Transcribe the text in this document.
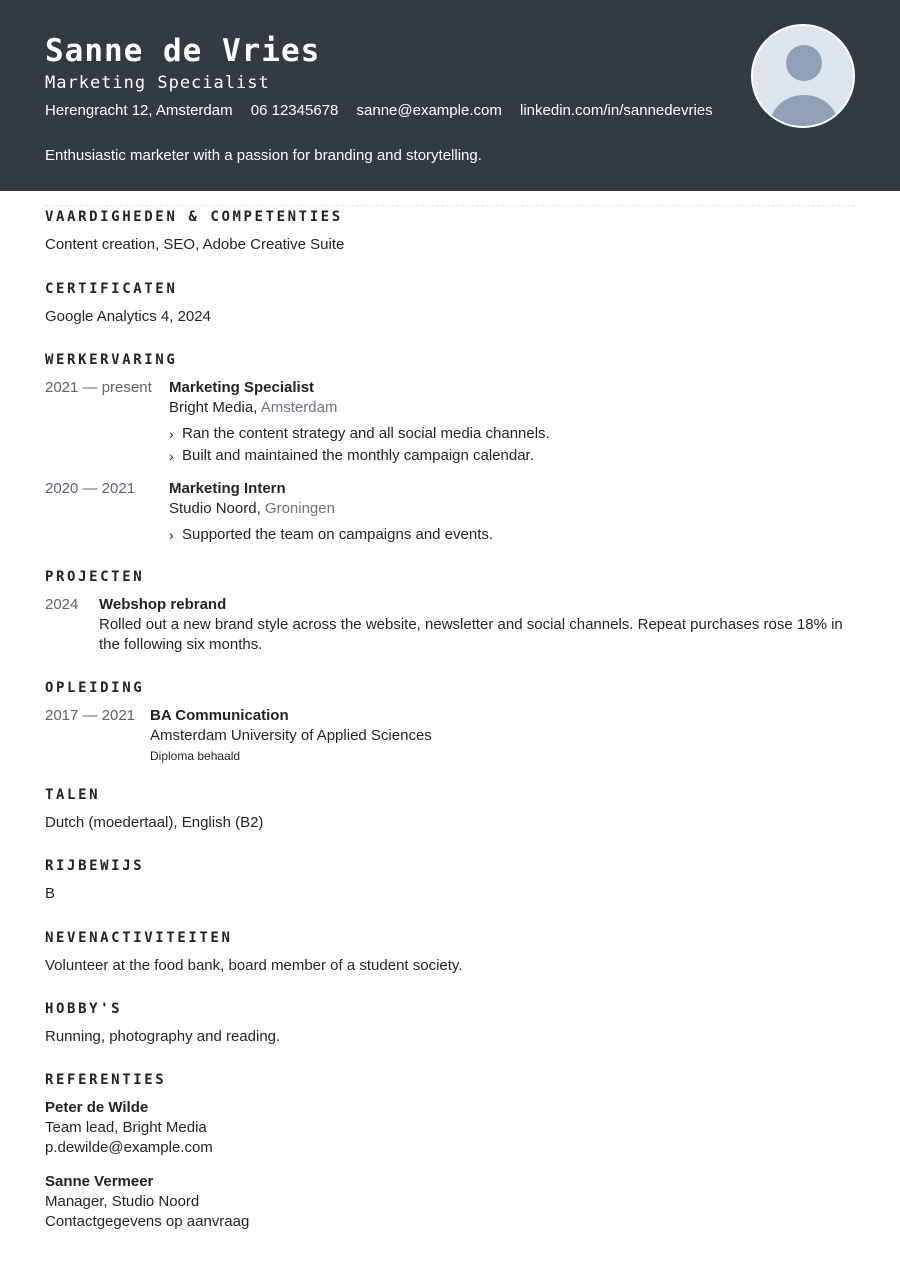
Sanne de Vries
Marketing Specialist
Herengracht 12, Amsterdam 06 12345678 sanne@example.com linkedin.com/in/sannedevries
Enthusiastic marketer with a passion for branding and storytelling.
VAARDIGHEDEN & COMPETENTIES

Content creation, SEO, Adobe Creative Suite

CERTIFICATEN

Google Analytics 4, 2024

WERKERVARING
2021 — present	Marketing Specialist
Bright Media, Amsterdam
› Ran the content strategy and all social media channels.
› Built and maintained the monthly campaign calendar.
2020 — 2021	Marketing Intern
Studio Noord, Groningen
› Supported the team on campaigns and events.
PROJECTEN
2024	Webshop rebrand
Rolled out a new brand style across the website, newsletter and social channels. Repeat purchases rose 18% in the following six months.
OPLEIDING
2017 — 2021 BA Communication
Amsterdam University of Applied Sciences
Diploma behaald
TALEN

Dutch (moedertaal), English (B2)

RIJBEWIJS

B

NEVENACTIVITEITEN

Volunteer at the food bank, board member of a student society.

HOBBY'S

Running, photography and reading.

REFERENTIES
Peter de Wilde
Team lead, Bright Media
p.dewilde@example.com
Sanne Vermeer
Manager, Studio Noord
Contactgegevens op aanvraag
